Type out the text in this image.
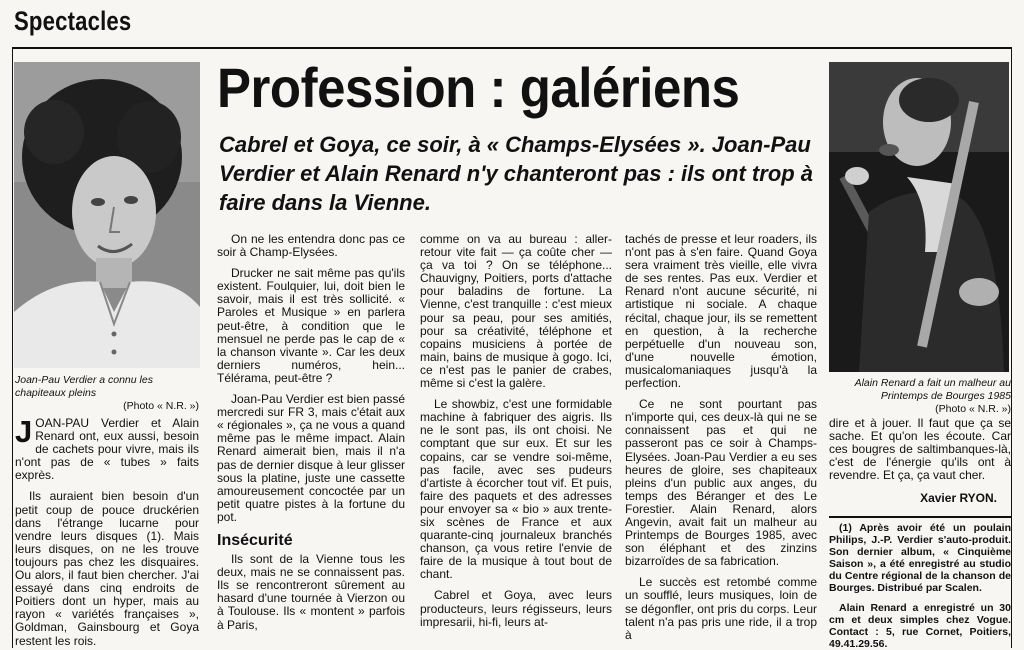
Spectacles
Joan-Pau Verdier a connu les chapiteaux pleins
(Photo « N.R. »)
Alain Renard a fait un malheur au Printemps de Bourges 1985
(Photo « N.R. »)
Profession : galériens
Cabrel et Goya, ce soir, à « Champs-Elysées ». Joan-Pau Verdier et Alain Renard n'y chanteront pas : ils ont trop à faire dans la Vienne.

JOAN-PAU Verdier et Alain Renard ont, eux aussi, besoin de cachets pour vivre, mais ils n'ont pas de « tubes » faits exprès.

Ils auraient bien besoin d'un petit coup de pouce druckérien dans l'étrange lucarne pour vendre leurs disques (1). Mais leurs disques, on ne les trouve toujours pas chez les disquaires. Ou alors, il faut bien chercher. J'ai essayé dans cinq endroits de Poitiers dont un hyper, mais au rayon « variétés françaises », Goldman, Gainsbourg et Goya restent les rois.

On ne les entendra donc pas ce soir à Champ-Elysées.

Drucker ne sait même pas qu'ils existent. Foulquier, lui, doit bien le savoir, mais il est très sollicité. « Paroles et Musique » en parlera peut-être, à condition que le mensuel ne perde pas le cap de « la chanson vivante ». Car les deux derniers numéros, hein... Télérama, peut-être ?

Joan-Pau Verdier est bien passé mercredi sur FR 3, mais c'était aux « régionales », ça ne vous a quand même pas le même impact. Alain Renard aimerait bien, mais il n'a pas de dernier disque à leur glisser sous la platine, juste une cassette amoureusement concoctée par un petit quatre pistes à la fortune du pot.

Insécurité

Ils sont de la Vienne tous les deux, mais ne se connaissent pas. Ils se rencontreront sûrement au hasard d'une tournée à Vierzon ou à Toulouse. Ils « montent » parfois à Paris,

comme on va au bureau : aller-retour vite fait — ça coûte cher — ça va toi ? On se téléphone... Chauvigny, Poitiers, ports d'attache pour baladins de fortune. La Vienne, c'est tranquille : c'est mieux pour sa peau, pour ses amitiés, pour sa créativité, téléphone et copains musiciens à portée de main, bains de musique à gogo. Ici, ce n'est pas le panier de crabes, même si c'est la galère.

Le showbiz, c'est une formidable machine à fabriquer des aigris. Ils ne le sont pas, ils ont choisi. Ne comptant que sur eux. Et sur les copains, car se vendre soi-même, pas facile, avec ses pudeurs d'artiste à écorcher tout vif. Et puis, faire des paquets et des adresses pour envoyer sa « bio » aux trente-six scènes de France et aux quarante-cinq journaleux branchés chanson, ça vous retire l'envie de faire de la musique à tout bout de chant.

Cabrel et Goya, avec leurs producteurs, leurs régisseurs, leurs impresarii, hi-fi, leurs at-

tachés de presse et leur roaders, ils n'ont pas à s'en faire. Quand Goya sera vraiment très vieille, elle vivra de ses rentes. Pas eux. Verdier et Renard n'ont aucune sécurité, ni artistique ni sociale. A chaque récital, chaque jour, ils se remettent en question, à la recherche perpétuelle d'un nouveau son, d'une nouvelle émotion, musicalomaniaques jusqu'à la perfection.

Ce ne sont pourtant pas n'importe qui, ces deux-là qui ne se connaissent pas et qui ne passeront pas ce soir à Champs-Elysées. Joan-Pau Verdier a eu ses heures de gloire, ses chapiteaux pleins d'un public aux anges, du temps des Béranger et des Le Forestier. Alain Renard, alors Angevin, avait fait un malheur au Printemps de Bourges 1985, avec son éléphant et des zinzins bizarroïdes de sa fabrication.

Le succès est retombé comme un soufflé, leurs musiques, loin de se dégonfler, ont pris du corps. Leur talent n'a pas pris une ride, il a trop à

dire et à jouer. Il faut que ça se sache. Et qu'on les écoute. Car ces bougres de saltimbanques-là, c'est de l'énergie qu'ils ont à revendre. Et ça, ça vaut cher.

Xavier RYON.

(1) Après avoir été un poulain Philips, J.-P. Verdier s'auto-produit. Son dernier album, « Cinquième Saison », a été enregistré au studio du Centre régional de la chanson de Bourges. Distribué par Scalen.

Alain Renard a enregistré un 30 cm et deux simples chez Vogue. Contact : 5, rue Cornet, Poitiers, 49.41.29.56.
